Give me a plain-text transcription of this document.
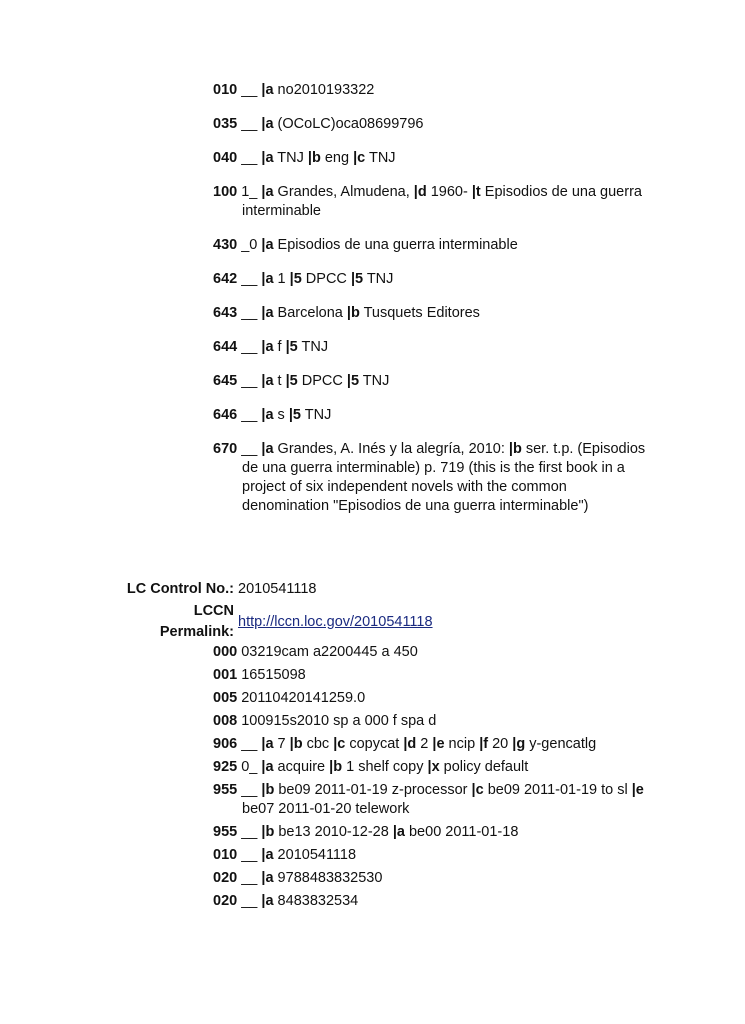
010 __ |a no2010193322
035 __ |a (OCoLC)oca08699796
040 __ |a TNJ |b eng |c TNJ
100 1_ |a Grandes, Almudena, |d 1960- |t Episodios de una guerra interminable
430 _0 |a Episodios de una guerra interminable
642 __ |a 1 |5 DPCC |5 TNJ
643 __ |a Barcelona |b Tusquets Editores
644 __ |a f |5 TNJ
645 __ |a t |5 DPCC |5 TNJ
646 __ |a s |5 TNJ
670 __ |a Grandes, A. Inés y la alegría, 2010: |b ser. t.p. (Episodios de una guerra interminable) p. 719 (this is the first book in a project of six independent novels with the common denomination "Episodios de una guerra interminable")
LC Control No.: 2010541118
LCCN
Permalink:
http://lccn.loc.gov/2010541118
000 03219cam a2200445 a 450
001 16515098
005 20110420141259.0
008 100915s2010 sp a 000 f spa d
906 __ |a 7 |b cbc |c copycat |d 2 |e ncip |f 20 |g y-gencatlg
925 0_ |a acquire |b 1 shelf copy |x policy default
955 __ |b be09 2011-01-19 z-processor |c be09 2011-01-19 to sl |e be07 2011-01-20 telework
955 __ |b be13 2010-12-28 |a be00 2011-01-18
010 __ |a 2010541118
020 __ |a 9788483832530
020 __ |a 8483832534
